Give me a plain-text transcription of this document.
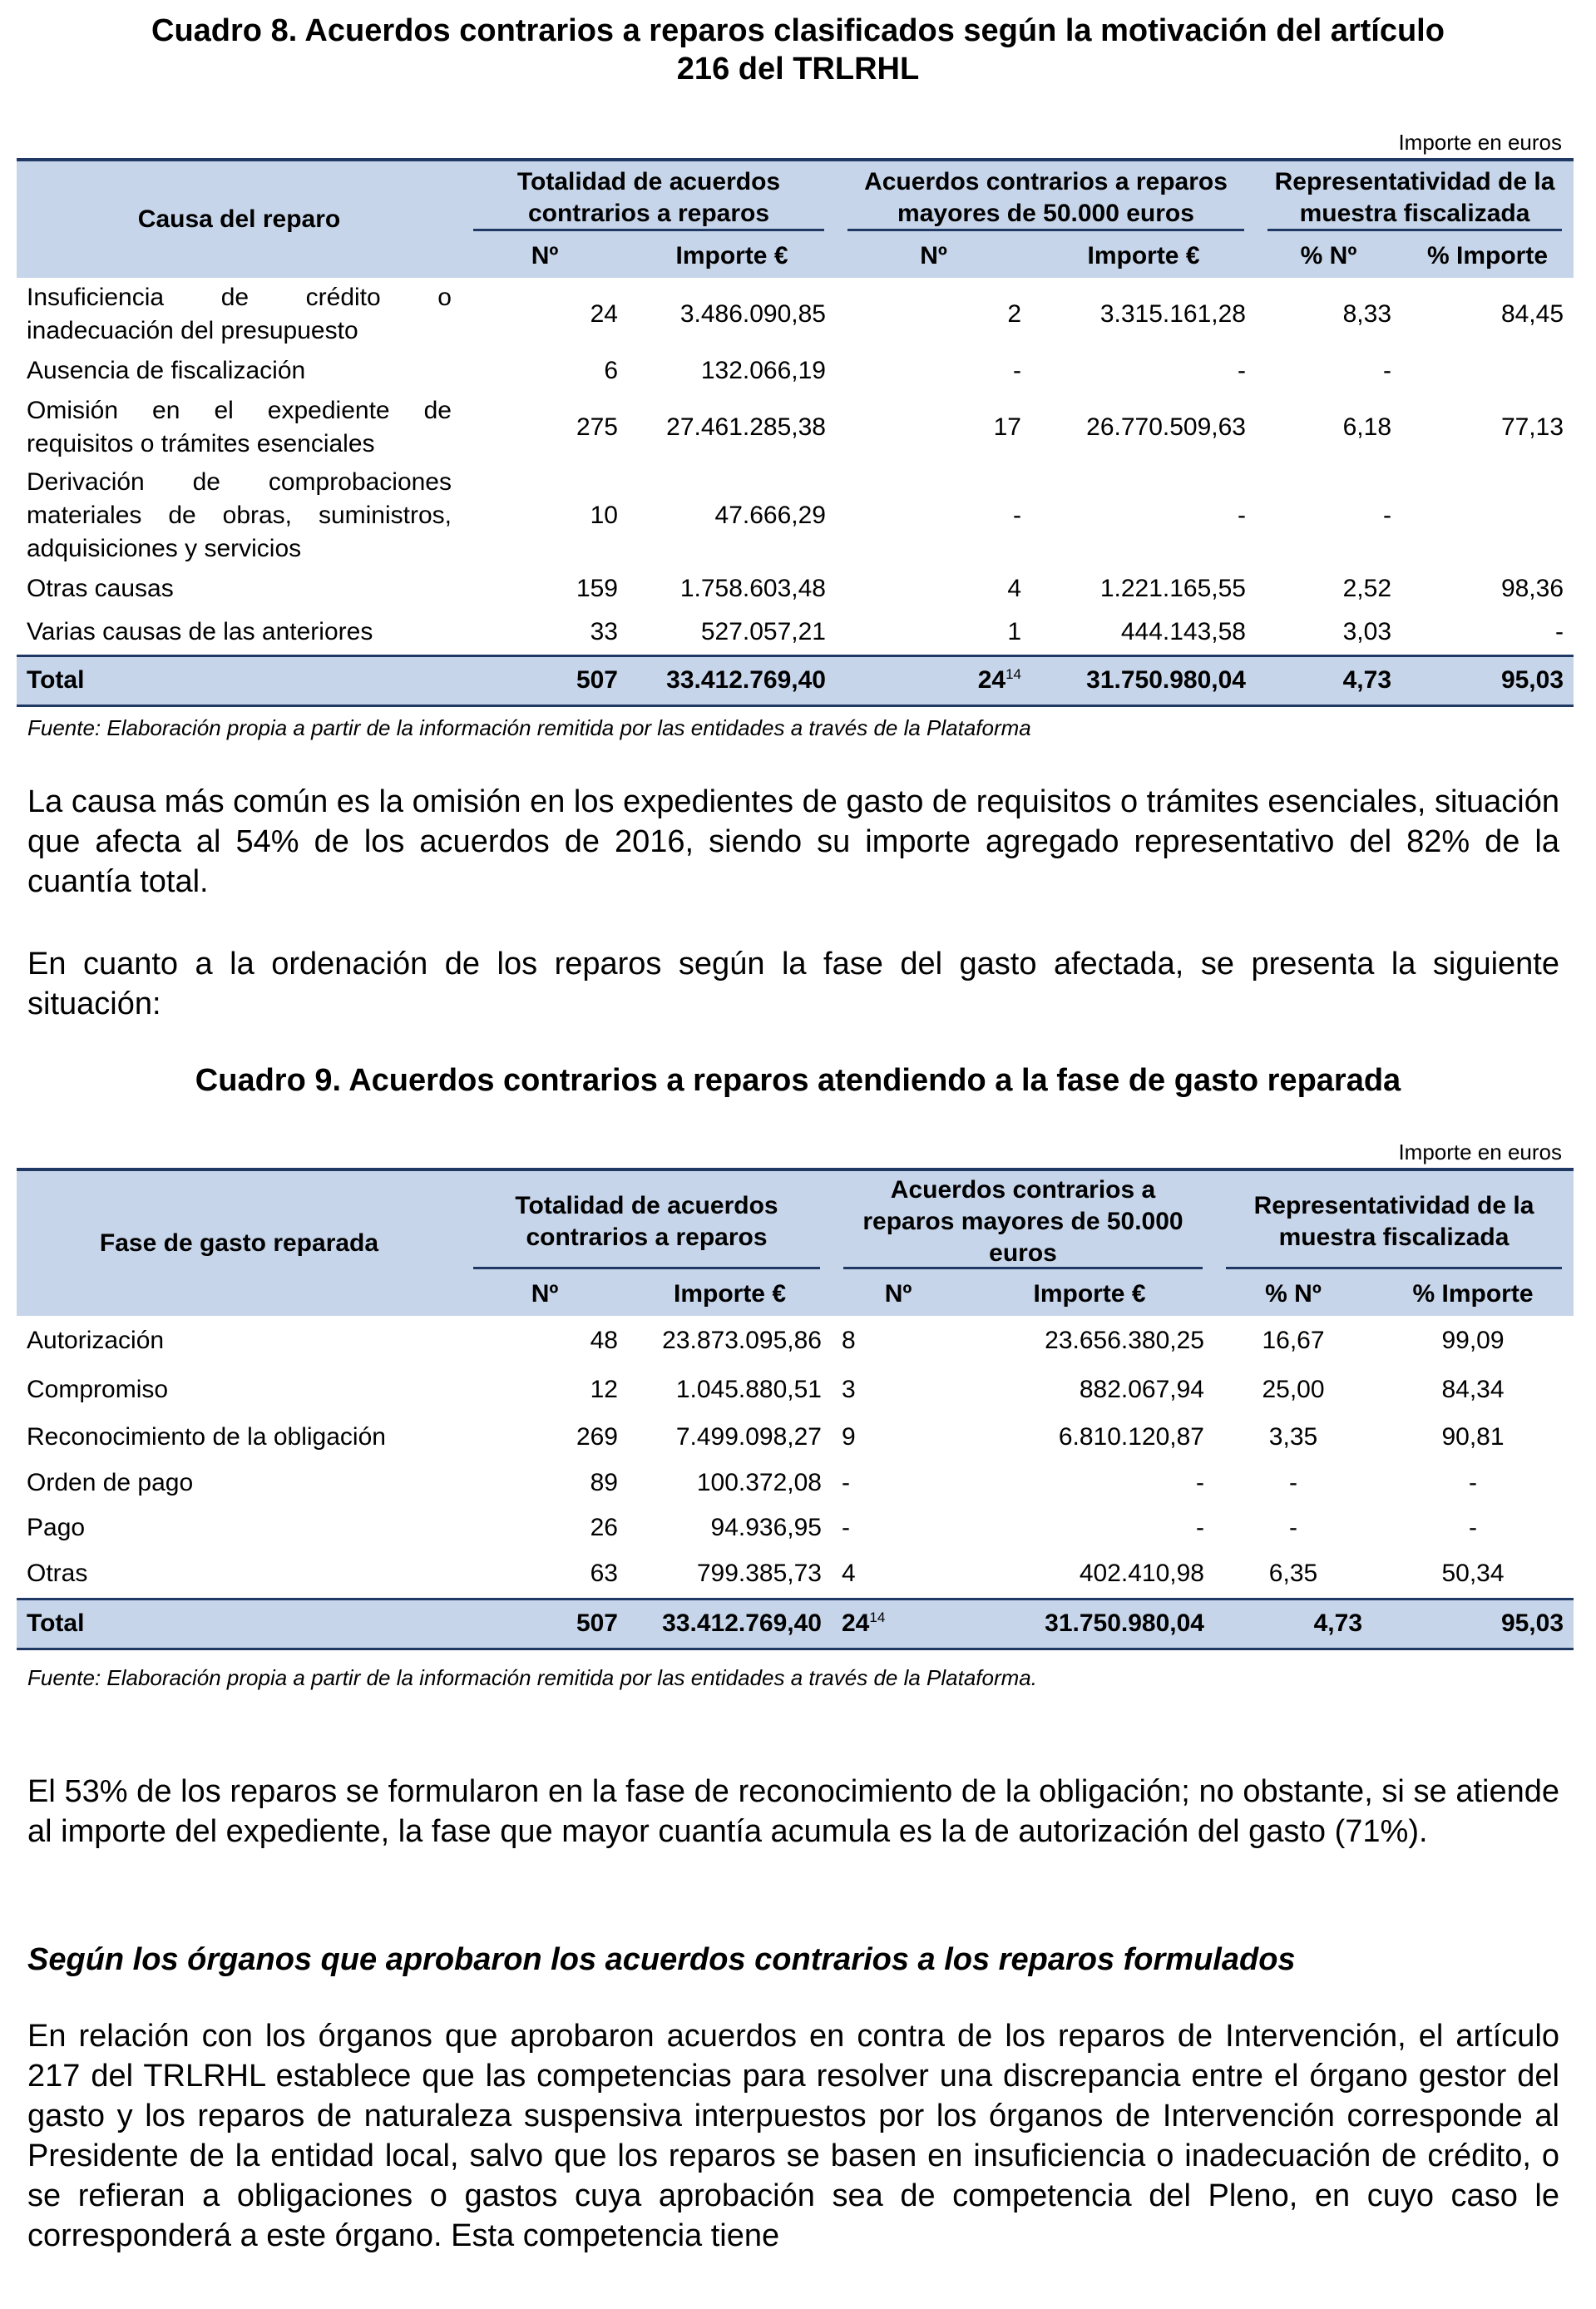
Cuadro 8. Acuerdos contrarios a reparos clasificados según la motivación del artículo
216 del TRLRHL
Importe en euros
Causa del reparo	Totalidad de acuerdos contrarios a reparos		Acuerdos contrarios a reparos mayores de 50.000 euros		Representatividad de la muestra fiscalizada	

	Nº	Importe €	Nº	Importe €	% Nº	% Importe
Insuficiencia de crédito o inadecuación del presupuesto	24	3.486.090,85	2	3.315.161,28	8,33	84,45
Ausencia de fiscalización	6	132.066,19	-	-	-	
Omisión en el expediente de requisitos o trámites esenciales	275	27.461.285,38	17	26.770.509,63	6,18	77,13
Derivación de comprobaciones materiales de obras, suministros, adquisiciones y servicios	10	47.666,29	-	-	-	
Otras causas	159	1.758.603,48	4	1.221.165,55	2,52	98,36
Varias causas de las anteriores	33	527.057,21	1	444.143,58	3,03	-
Total	507	33.412.769,40	$24^{14}$	31.750.980,04	4,73	95,03
Fuente: Elaboración propia a partir de la información remitida por las entidades a través de la Plataforma

La causa más común es la omisión en los expedientes de gasto de requisitos o trámites esenciales, situación que afecta al 54% de los acuerdos de 2016, siendo su importe agregado representativo del 82% de la cuantía total.

En cuanto a la ordenación de los reparos según la fase del gasto afectada, se presenta la siguiente situación:

Cuadro 9. Acuerdos contrarios a reparos atendiendo a la fase de gasto reparada
Importe en euros
Fase de gasto reparada	Totalidad de acuerdos contrarios a reparos		Acuerdos contrarios a reparos mayores de 50.000 euros		Representatividad de la muestra fiscalizada	

	Nº	Importe €	Nº	Importe €	% Nº	% Importe
Autorización	48	23.873.095,86	8	23.656.380,25	16,67	99,09
Compromiso	12	1.045.880,51	3	882.067,94	25,00	84,34
Reconocimiento de la obligación	269	7.499.098,27	9	6.810.120,87	3,35	90,81
Orden de pago	89	100.372,08	-	-	-	-
Pago	26	94.936,95	-	-	-	-
Otras	63	799.385,73	4	402.410,98	6,35	50,34
Total	507	33.412.769,40	$24^{14}$	31.750.980,04	4,73	95,03
Fuente: Elaboración propia a partir de la información remitida por las entidades a través de la Plataforma.

El 53% de los reparos se formularon en la fase de reconocimiento de la obligación; no obstante, si se atiende al importe del expediente, la fase que mayor cuantía acumula es la de autorización del gasto (71%).

Según los órganos que aprobaron los acuerdos contrarios a los reparos formulados

En relación con los órganos que aprobaron acuerdos en contra de los reparos de Intervención, el artículo 217 del TRLRHL establece que las competencias para resolver una discrepancia entre el órgano gestor del gasto y los reparos de naturaleza suspensiva interpuestos por los órganos de Intervención corresponde al Presidente de la entidad local, salvo que los reparos se basen en insuficiencia o inadecuación de crédito, o se refieran a obligaciones o gastos cuya aprobación sea de competencia del Pleno, en cuyo caso le corresponderá a este órgano. Esta competencia tiene
